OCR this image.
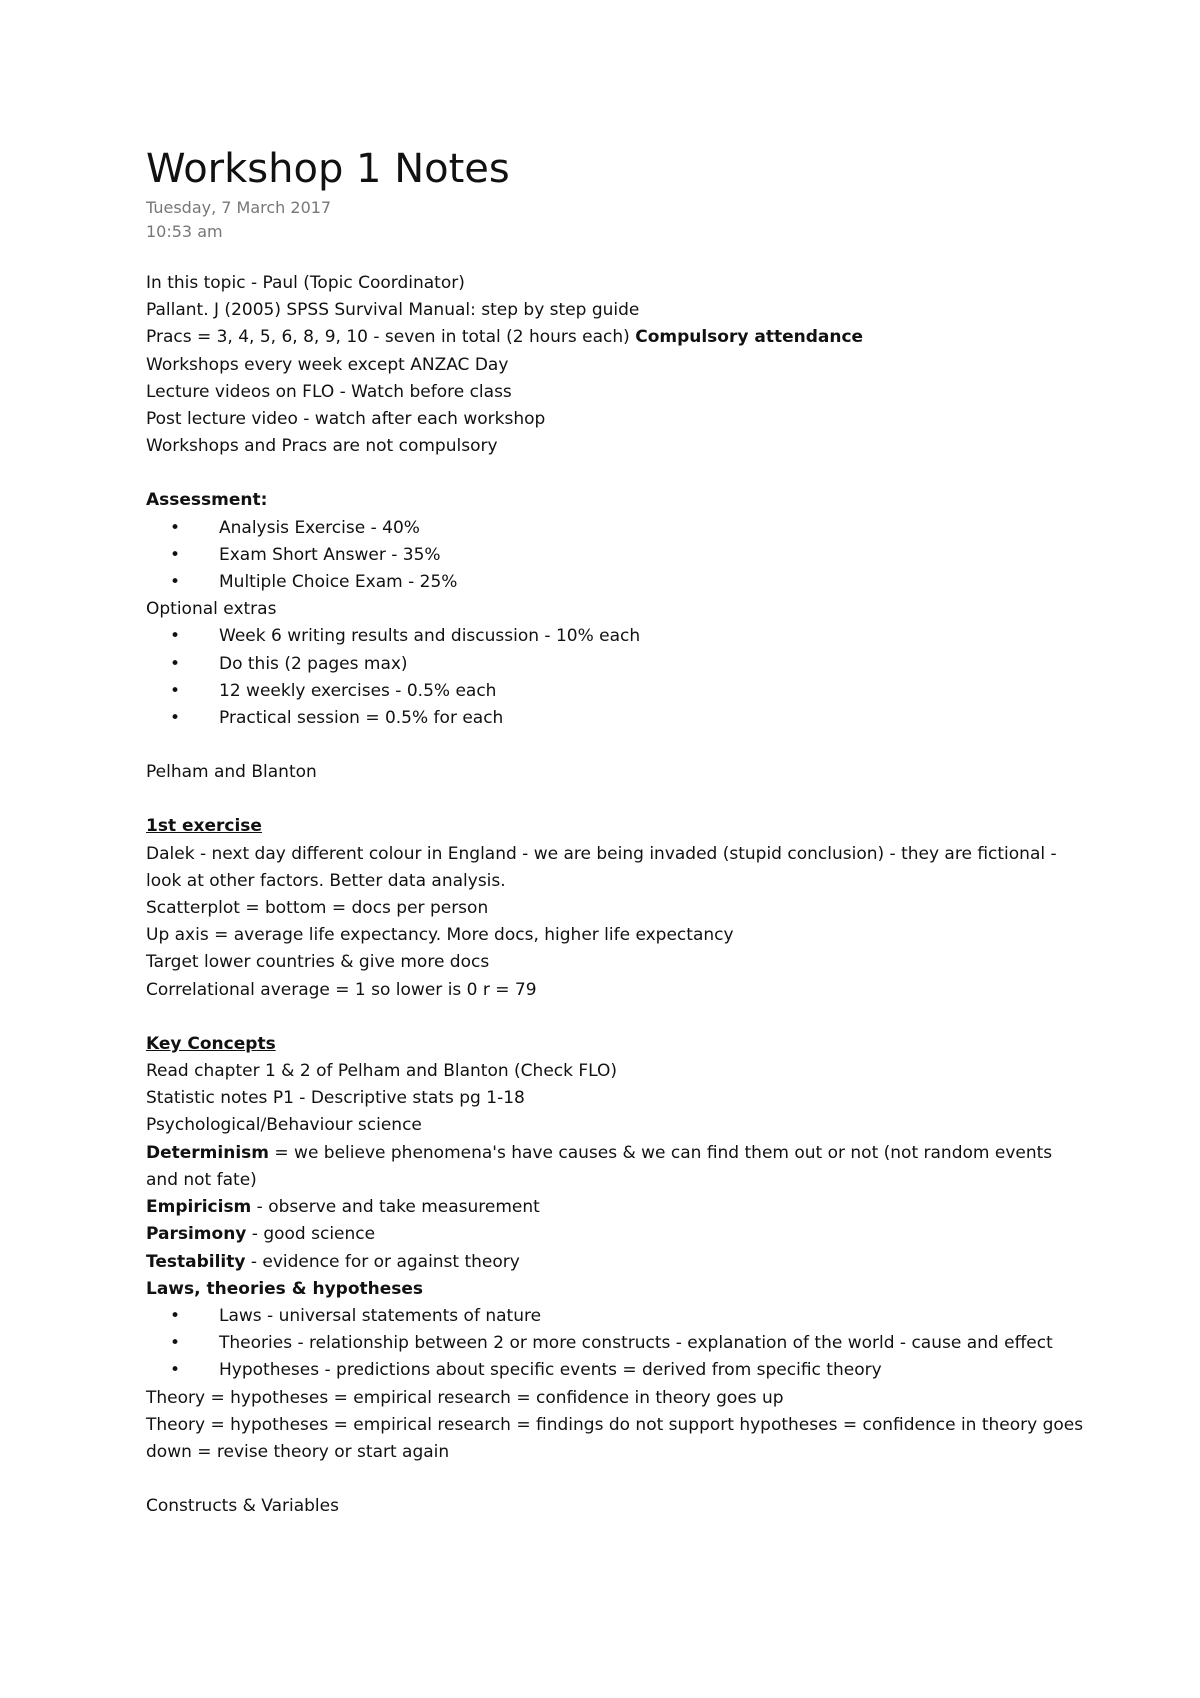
Workshop 1 Notes
Tuesday, 7 March 2017
10:53 am

In this topic - Paul (Topic Coordinator)

Pallant. J (2005) SPSS Survival Manual: step by step guide

Pracs = 3, 4, 5, 6, 8, 9, 10 - seven in total (2 hours each) Compulsory attendance

Workshops every week except ANZAC Day

Lecture videos on FLO - Watch before class

Post lecture video - watch after each workshop

Workshops and Pracs are not compulsory

Assessment:

• Analysis Exercise - 40%
• Exam Short Answer - 35%
• Multiple Choice Exam - 25%

Optional extras

• Week 6 writing results and discussion - 10% each
• Do this (2 pages max)
• 12 weekly exercises - 0.5% each
• Practical session = 0.5% for each

Pelham and Blanton

1st exercise

Dalek - next day different colour in England - we are being invaded (stupid conclusion) - they are fictional - look at other factors. Better data analysis.

Scatterplot = bottom = docs per person

Up axis = average life expectancy. More docs, higher life expectancy

Target lower countries & give more docs

Correlational average = 1 so lower is 0 r = 79

Key Concepts

Read chapter 1 & 2 of Pelham and Blanton (Check FLO)

Statistic notes P1 - Descriptive stats pg 1-18

Psychological/Behaviour science

Determinism = we believe phenomena's have causes & we can find them out or not (not random events and not fate)

Empiricism - observe and take measurement

Parsimony - good science

Testability - evidence for or against theory

Laws, theories & hypotheses

• Laws - universal statements of nature
• Theories - relationship between 2 or more constructs - explanation of the world - cause and effect
• Hypotheses - predictions about specific events = derived from specific theory

Theory = hypotheses = empirical research = confidence in theory goes up

Theory = hypotheses = empirical research = findings do not support hypotheses = confidence in theory goes down = revise theory or start again

Constructs & Variables
